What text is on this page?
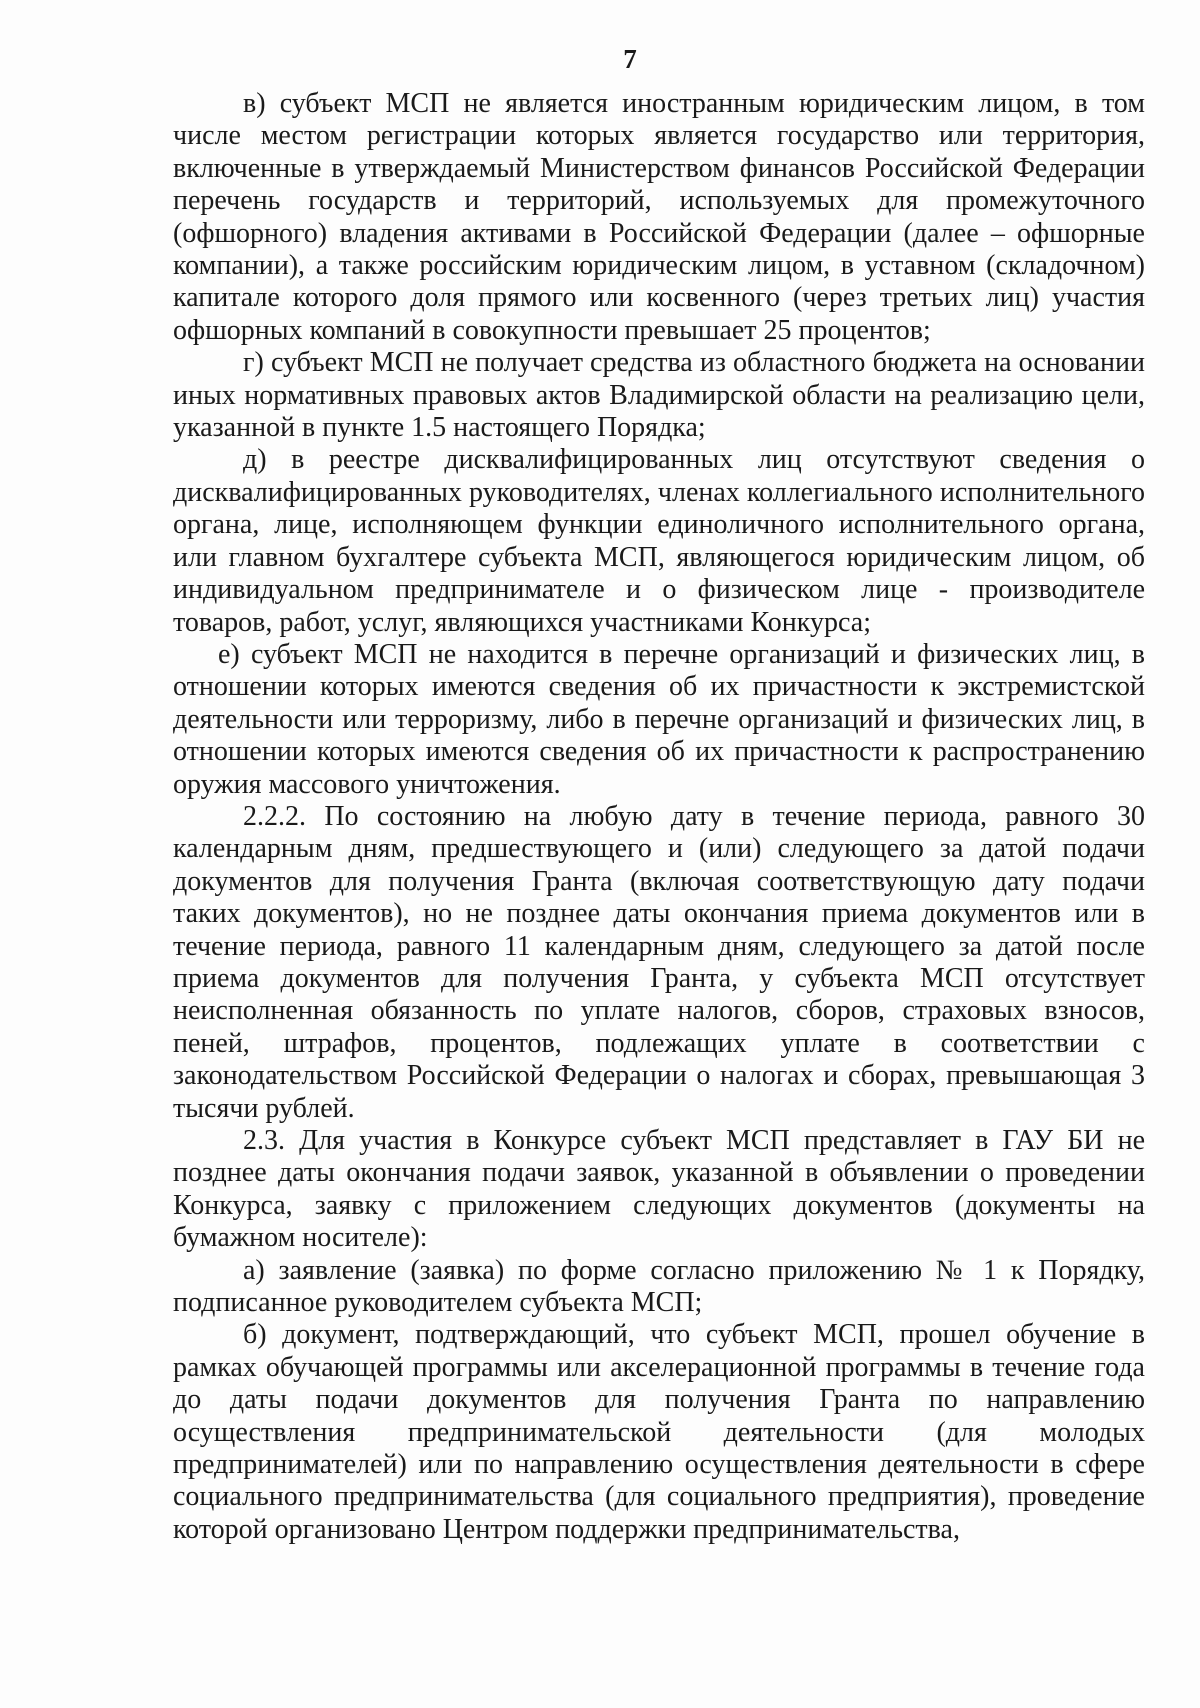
7

в) субъект МСП не является иностранным юридическим лицом, в том числе местом регистрации которых является государство или территория, включенные в утверждаемый Министерством финансов Российской Федерации перечень государств и территорий, используемых для промежуточного (офшорного) владения активами в Российской Федерации (далее – офшорные компании), а также российским юридическим лицом, в уставном (складочном) капитале которого доля прямого или косвенного (через третьих лиц) участия офшорных компаний в совокупности превышает 25 процентов;

г) субъект МСП не получает средства из областного бюджета на основании иных нормативных правовых актов Владимирской области на реализацию цели, указанной в пункте 1.5 настоящего Порядка;

д) в реестре дисквалифицированных лиц отсутствуют сведения о дисквалифицированных руководителях, членах коллегиального исполнительного органа, лице, исполняющем функции единоличного исполнительного органа, или главном бухгалтере субъекта МСП, являющегося юридическим лицом, об индивидуальном предпринимателе и о физическом лице - производителе товаров, работ, услуг, являющихся участниками Конкурса;

е) субъект МСП не находится в перечне организаций и физических лиц, в отношении которых имеются сведения об их причастности к экстремистской деятельности или терроризму, либо в перечне организаций и физических лиц, в отношении которых имеются сведения об их причастности к распространению оружия массового уничтожения.

2.2.2. По состоянию на любую дату в течение периода, равного 30 календарным дням, предшествующего и (или) следующего за датой подачи документов для получения Гранта (включая соответствующую дату подачи таких документов), но не позднее даты окончания приема документов или в течение периода, равного 11 календарным дням, следующего за датой после приема документов для получения Гранта, у субъекта МСП отсутствует неисполненная обязанность по уплате налогов, сборов, страховых взносов, пеней, штрафов, процентов, подлежащих уплате в соответствии с законодательством Российской Федерации о налогах и сборах, превышающая 3 тысячи рублей.

2.3. Для участия в Конкурсе субъект МСП представляет в ГАУ БИ не позднее даты окончания подачи заявок, указанной в объявлении о проведении Конкурса, заявку с приложением следующих документов (документы на бумажном носителе):

а) заявление (заявка) по форме согласно приложению № 1 к Порядку, подписанное руководителем субъекта МСП;

б) документ, подтверждающий, что субъект МСП, прошел обучение в рамках обучающей программы или акселерационной программы в течение года до даты подачи документов для получения Гранта по направлению осуществления предпринимательской деятельности (для молодых предпринимателей) или по направлению осуществления деятельности в сфере социального предпринимательства (для социального предприятия), проведение которой организовано Центром поддержки предпринимательства,
